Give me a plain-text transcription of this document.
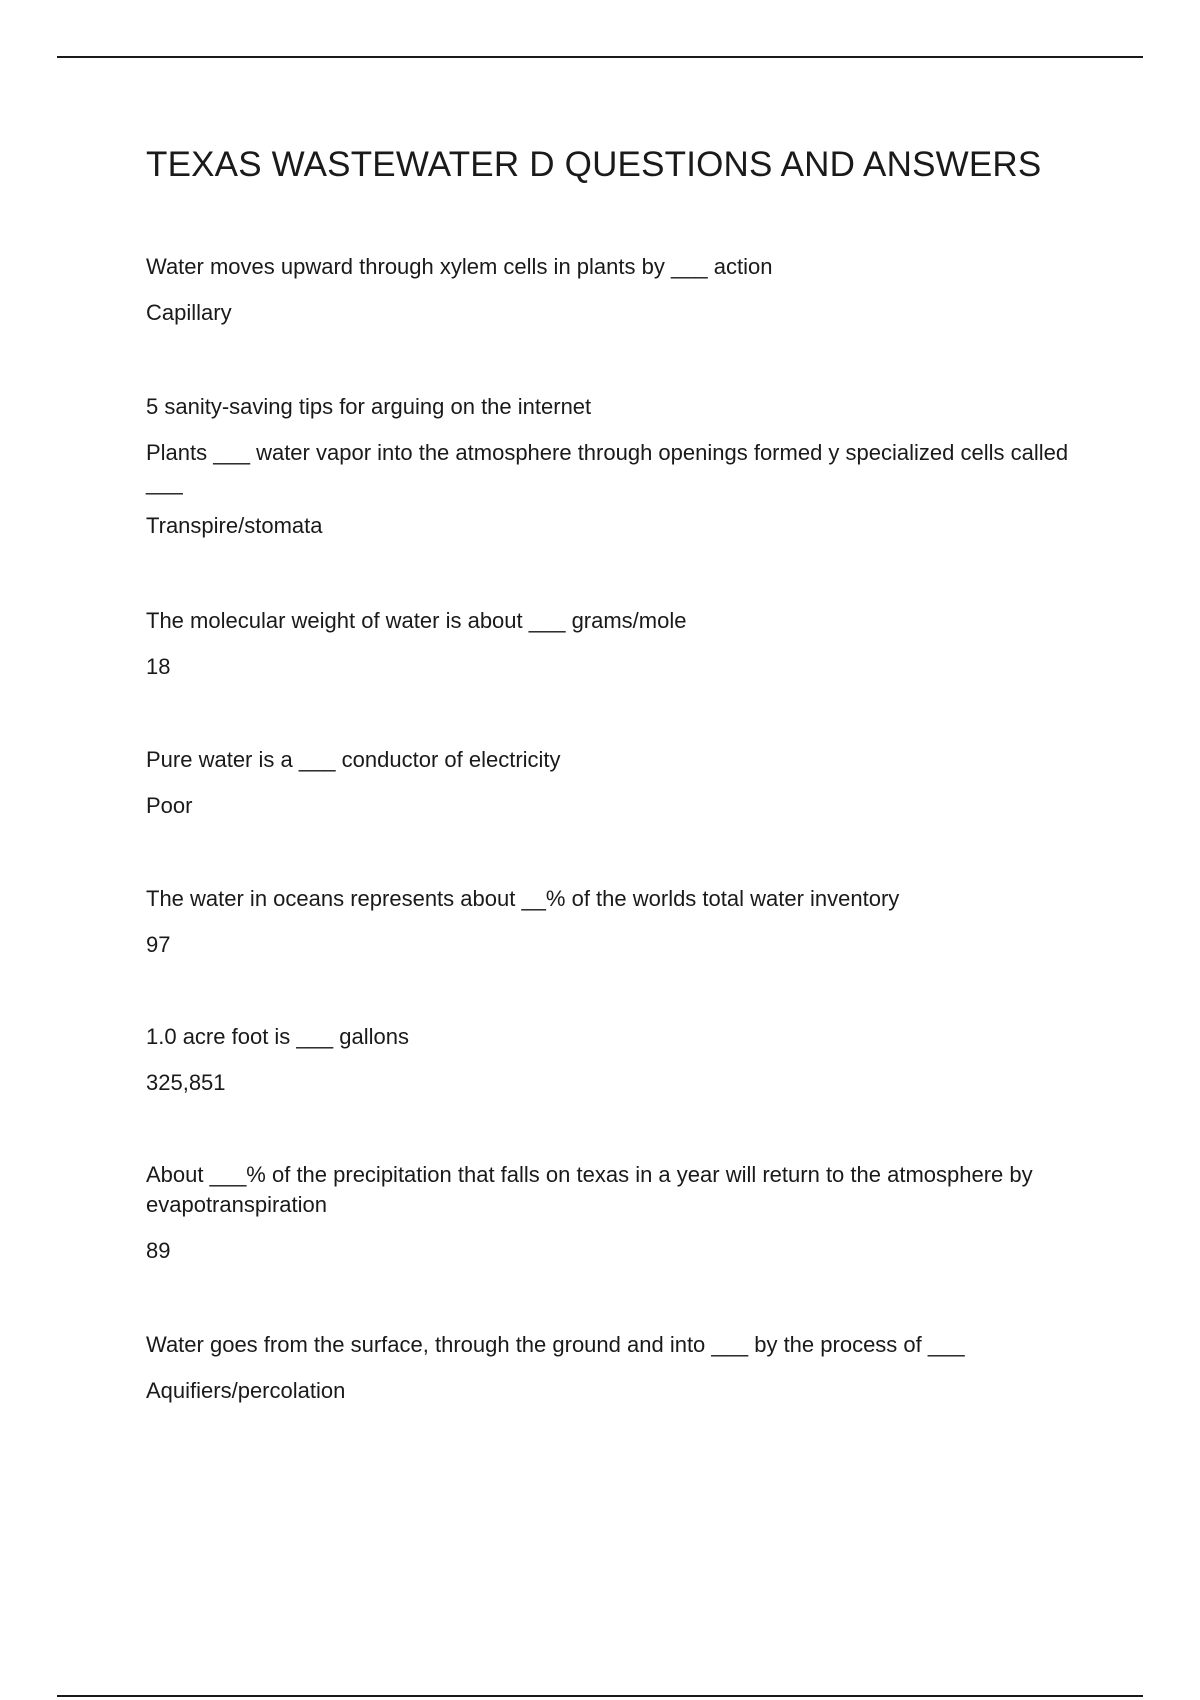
TEXAS WASTEWATER D QUESTIONS AND ANSWERS
Water moves upward through xylem cells in plants by ___ action
Capillary
5 sanity-saving tips for arguing on the internet
Plants ___ water vapor into the atmosphere through openings formed y specialized cells called ___
Transpire/stomata
The molecular weight of water is about ___ grams/mole
18
Pure water is a ___ conductor of electricity
Poor
The water in oceans represents about __% of the worlds total water inventory
97
1.0 acre foot is ___ gallons
325,851
About ___% of the precipitation that falls on texas in a year will return to the atmosphere by evapotranspiration
89
Water goes from the surface, through the ground and into ___ by the process of ___
Aquifiers/percolation
